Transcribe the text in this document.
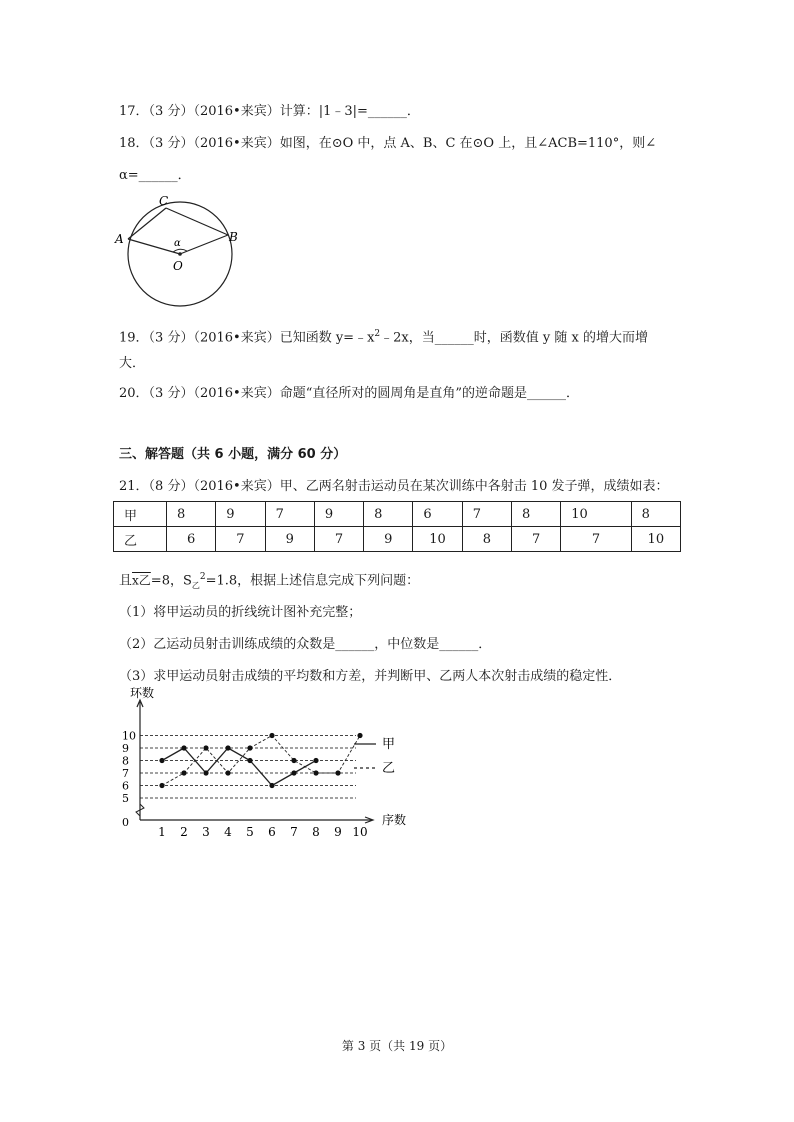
17．（3 分）（2016•来宾）计算：|1﹣3|=______．
18．（3 分）（2016•来宾）如图，在⊙O 中，点 A、B、C 在⊙O 上，且∠ACB=110°，则∠
α=______．
A	B
C
O
α
19．（3 分）（2016•来宾）已知函数 $y=﹣x^2﹣2x$，当______时，函数值 y 随 x 的增大而增
大．
20．（3 分）（2016•来宾）命题“直径所对的圆周角是直角”的逆命题是______．
三、解答题（共 6 小题，满分 60 分）
21．（8 分）（2016•来宾）甲、乙两名射击运动员在某次训练中各射击 10 发子弹，成绩如表：
甲	8	9	7	9	8	6	7	8	10	8
乙	6	7	9	7	9	10	8	7	7	10
且x乙=8，$S_乙^2=1.8$，根据上述信息完成下列问题：
（1）将甲运动员的折线统计图补充完整；
（2）乙运动员射击训练成绩的众数是______，中位数是______．
（3）求甲运动员射击成绩的平均数和方差，并判断甲、乙两人本次射击成绩的稳定性．
环数
序数
0
5
6
7
8
9
10
1 2 3 4 5 6 7 8 9 10
—— 甲
- - 乙
第 3 页（共 19 页）
